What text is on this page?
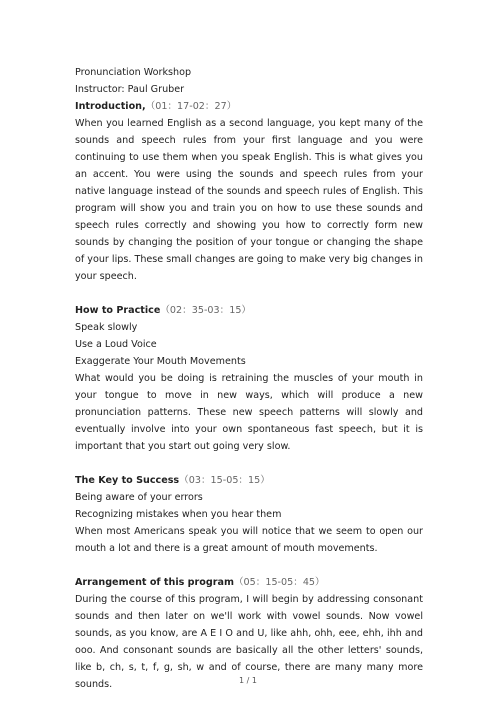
Pronunciation Workshop
Instructor: Paul Gruber
Introduction,（01：17-02：27）
When you learned English as a second language, you kept many of the sounds and speech rules from your first language and you were continuing to use them when you speak English. This is what gives you an accent. You were using the sounds and speech rules from your native language instead of the sounds and speech rules of English. This program will show you and train you on how to use these sounds and speech rules correctly and showing you how to correctly form new sounds by changing the position of your tongue or changing the shape of your lips. These small changes are going to make very big changes in your speech.
How to Practice（02：35-03：15）
Speak slowly
Use a Loud Voice
Exaggerate Your Mouth Movements
What would you be doing is retraining the muscles of your mouth in your tongue to move in new ways, which will produce a new pronunciation patterns. These new speech patterns will slowly and eventually involve into your own spontaneous fast speech, but it is important that you start out going very slow.
The Key to Success（03：15-05：15）
Being aware of your errors
Recognizing mistakes when you hear them
When most Americans speak you will notice that we seem to open our mouth a lot and there is a great amount of mouth movements.
Arrangement of this program（05：15-05：45）
During the course of this program, I will begin by addressing consonant sounds and then later on we'll work with vowel sounds. Now vowel sounds, as you know, are A E I O and U, like ahh, ohh, eee, ehh, ihh and ooo. And consonant sounds are basically all the other letters' sounds, like b, ch, s, t, f, g, sh, w and of course, there are many many more sounds.	1 / 1
